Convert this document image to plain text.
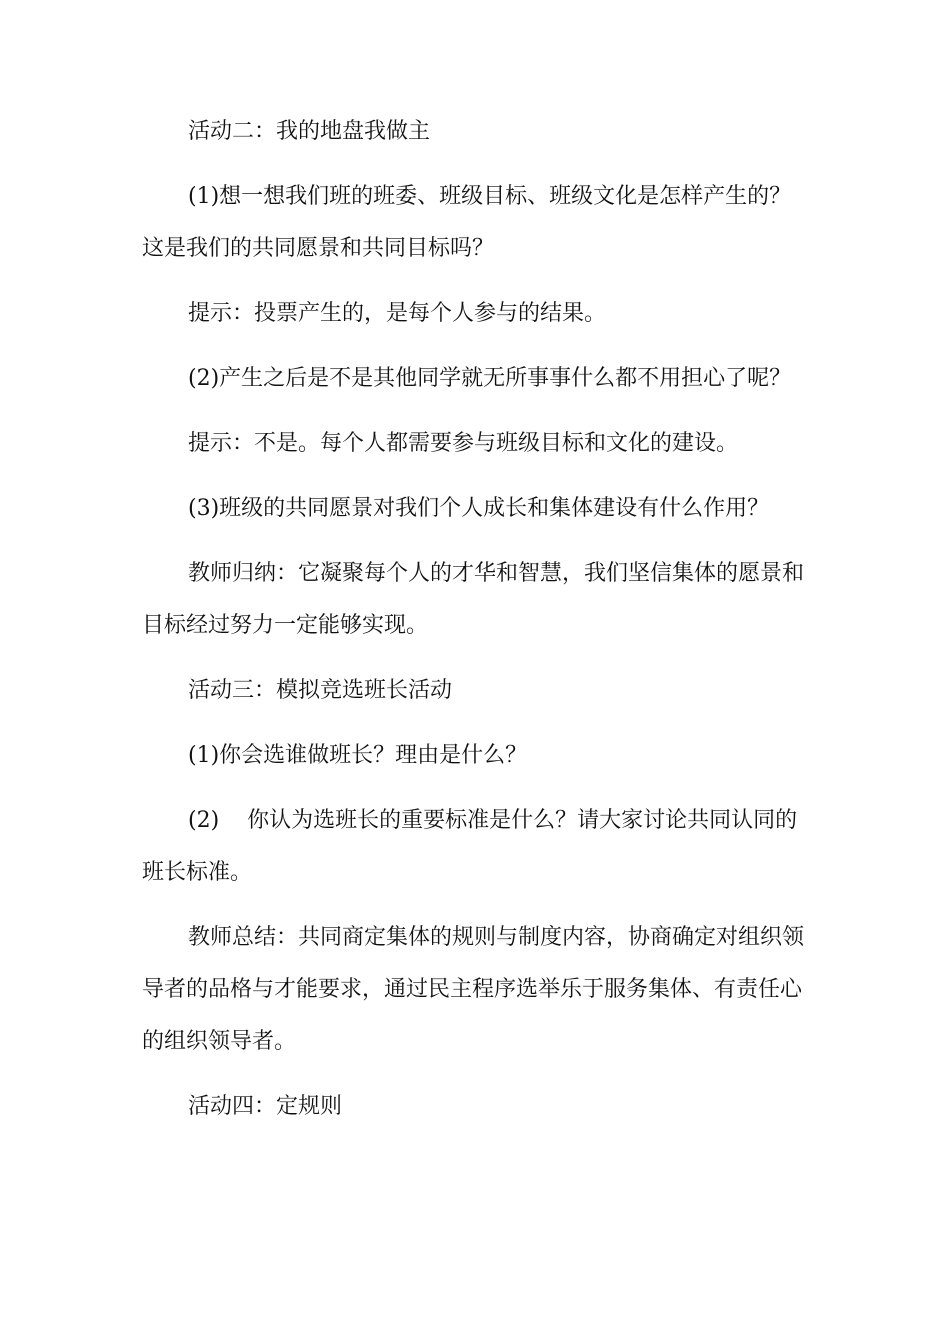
活动二：我的地盘我做主

(1)想一想我们班的班委、班级目标、班级文化是怎样产生的？这是我们的共同愿景和共同目标吗？

提示：投票产生的，是每个人参与的结果。

(2)产生之后是不是其他同学就无所事事什么都不用担心了呢？

提示：不是。每个人都需要参与班级目标和文化的建设。

(3)班级的共同愿景对我们个人成长和集体建设有什么作用？

教师归纳：它凝聚每个人的才华和智慧，我们坚信集体的愿景和目标经过努力一定能够实现。

活动三：模拟竞选班长活动

(1)你会选谁做班长？理由是什么？

(2)    你认为选班长的重要标准是什么？请大家讨论共同认同的班长标准。

教师总结：共同商定集体的规则与制度内容，协商确定对组织领导者的品格与才能要求，通过民主程序选举乐于服务集体、有责任心的组织领导者。

活动四：定规则
